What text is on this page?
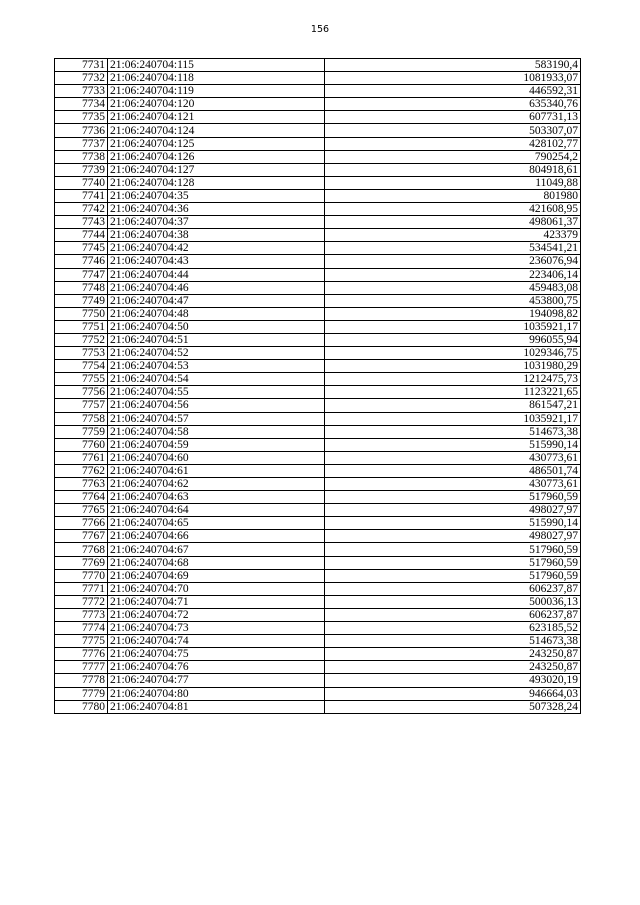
156
7731	21:06:240704:115	583190,4
7732	21:06:240704:118	1081933,07
7733	21:06:240704:119	446592,31
7734	21:06:240704:120	635340,76
7735	21:06:240704:121	607731,13
7736	21:06:240704:124	503307,07
7737	21:06:240704:125	428102,77
7738	21:06:240704:126	790254,2
7739	21:06:240704:127	804918,61
7740	21:06:240704:128	11049,88
7741	21:06:240704:35	801980
7742	21:06:240704:36	421608,95
7743	21:06:240704:37	498061,37
7744	21:06:240704:38	423379
7745	21:06:240704:42	534541,21
7746	21:06:240704:43	236076,94
7747	21:06:240704:44	223406,14
7748	21:06:240704:46	459483,08
7749	21:06:240704:47	453800,75
7750	21:06:240704:48	194098,82
7751	21:06:240704:50	1035921,17
7752	21:06:240704:51	996055,94
7753	21:06:240704:52	1029346,75
7754	21:06:240704:53	1031980,29
7755	21:06:240704:54	1212475,73
7756	21:06:240704:55	1123221,65
7757	21:06:240704:56	861547,21
7758	21:06:240704:57	1035921,17
7759	21:06:240704:58	514673,38
7760	21:06:240704:59	515990,14
7761	21:06:240704:60	430773,61
7762	21:06:240704:61	486501,74
7763	21:06:240704:62	430773,61
7764	21:06:240704:63	517960,59
7765	21:06:240704:64	498027,97
7766	21:06:240704:65	515990,14
7767	21:06:240704:66	498027,97
7768	21:06:240704:67	517960,59
7769	21:06:240704:68	517960,59
7770	21:06:240704:69	517960,59
7771	21:06:240704:70	606237,87
7772	21:06:240704:71	500036,13
7773	21:06:240704:72	606237,87
7774	21:06:240704:73	623185,52
7775	21:06:240704:74	514673,38
7776	21:06:240704:75	243250,87
7777	21:06:240704:76	243250,87
7778	21:06:240704:77	493020,19
7779	21:06:240704:80	946664,03
7780	21:06:240704:81	507328,24
